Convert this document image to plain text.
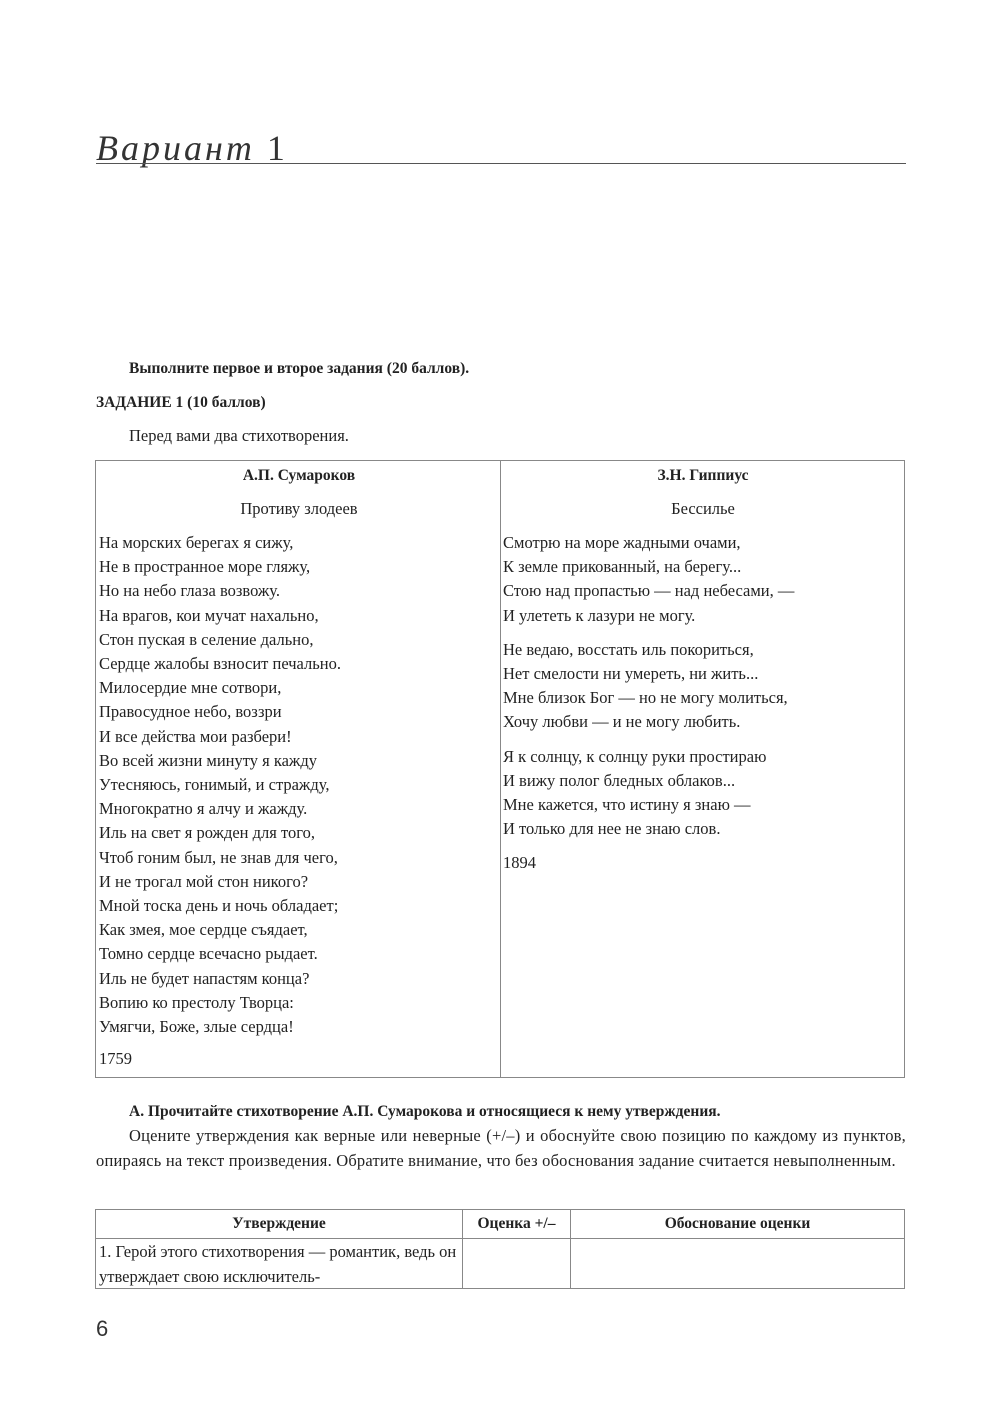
Вариант 1
Выполните первое и второе задания (20 баллов).
ЗАДАНИЕ 1 (10 баллов)
Перед вами два стихотворения.
А.П. Сумароков
Противу злодеев
На морских берегах я сижу,
Не в пространное море гляжу,
Но на небо глаза возвожу.
На врагов, кои мучат нахально,
Стон пуская в селение дально,
Сердце жалобы взносит печально.
Милосердие мне сотвори,
Правосудное небо, воззри
И все действа мои разбери!
Во всей жизни минуту я кажду
Утесняюсь, гонимый, и стражду,
Многократно я алчу и жажду.
Иль на свет я рожден для того,
Чтоб гоним был, не знав для чего,
И не трогал мой стон никого?
Мной тоска день и ночь обладает;
Как змея, мое сердце съядает,
Томно сердце всечасно рыдает.
Иль не будет напастям конца?
Вопию ко престолу Творца:
Умягчи, Боже, злые сердца!
1759
З.Н. Гиппиус
Бессилье
Смотрю на море жадными очами,
К земле прикованный, на берегу...
Стою над пропастью — над небесами, —
И улететь к лазури не могу.
Не ведаю, восстать иль покориться,
Нет смелости ни умереть, ни жить...
Мне близок Бог — но не могу молиться,
Хочу любви — и не могу любить.
Я к солнцу, к солнцу руки простираю
И вижу полог бледных облаков...
Мне кажется, что истину я знаю —
И только для нее не знаю слов.
1894
А. Прочитайте стихотворение А.П. Сумарокова и относящиеся к нему утверждения.
Оцените утверждения как верные или неверные (+/–) и обоснуйте свою позицию по каждому из пунктов, опираясь на текст произведения. Обратите внимание, что без обоснования задание считается невыполненным.
Утверждение	Оценка +/–	Обоснование оценки
1. Герой этого стихотворения — романтик, ведь он утверждает свою исключитель-
6
